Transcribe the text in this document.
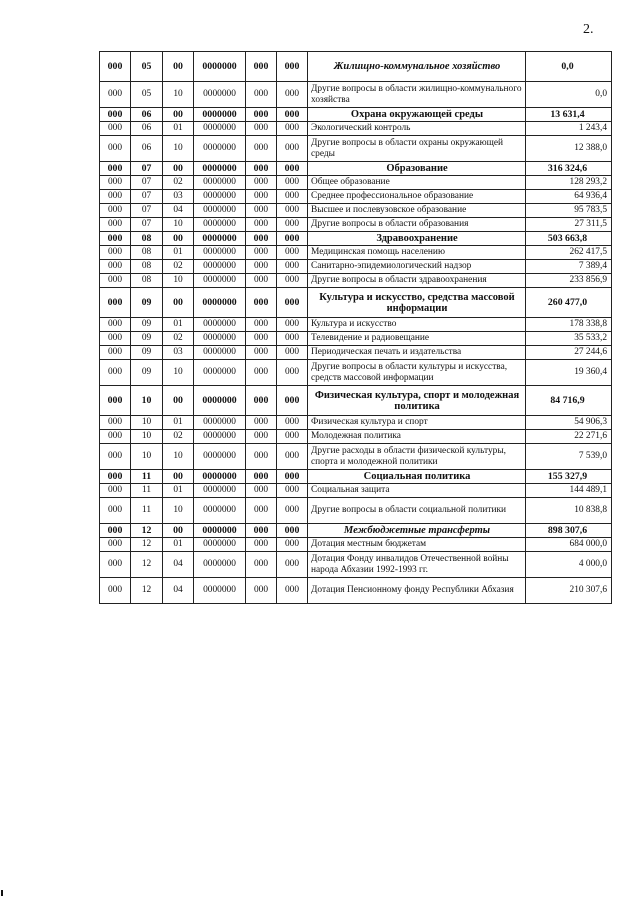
2.
000	05	00	0000000	000	000	Жилищно-коммунальное хозяйство	0,0
000	05	10	0000000	000	000	Другие вопросы в области жилищно-коммунального хозяйства	0,0
000	06	00	0000000	000	000	Охрана окружающей среды	13 631,4
000	06	01	0000000	000	000	Экологический контроль	1 243,4
000	06	10	0000000	000	000	Другие вопросы в области охраны окружающей среды	12 388,0
000	07	00	0000000	000	000	Образование	316 324,6
000	07	02	0000000	000	000	Общее образование	128 293,2
000	07	03	0000000	000	000	Среднее профессиональное образование	64 936,4
000	07	04	0000000	000	000	Высшее и послевузовское образование	95 783,5
000	07	10	0000000	000	000	Другие вопросы в области образования	27 311,5
000	08	00	0000000	000	000	Здравоохранение	503 663,8
000	08	01	0000000	000	000	Медицинская помощь населению	262 417,5
000	08	02	0000000	000	000	Санитарно-эпидемиологический надзор	7 389,4
000	08	10	0000000	000	000	Другие вопросы в области здравоохранения	233 856,9
000	09	00	0000000	000	000	Культура и искусство, средства массовой информации	260 477,0
000	09	01	0000000	000	000	Культура и искусство	178 338,8
000	09	02	0000000	000	000	Телевидение и радиовещание	35 533,2
000	09	03	0000000	000	000	Периодическая печать и издательства	27 244,6
000	09	10	0000000	000	000	Другие вопросы в области культуры и искусства, средств массовой информации	19 360,4
000	10	00	0000000	000	000	Физическая культура, спорт и молодежная политика	84 716,9
000	10	01	0000000	000	000	Физическая культура и спорт	54 906,3
000	10	02	0000000	000	000	Молодежная политика	22 271,6
000	10	10	0000000	000	000	Другие расходы в области физической культуры, спорта и молодежной политики	7 539,0
000	11	00	0000000	000	000	Социальная политика	155 327,9
000	11	01	0000000	000	000	Социальная защита	144 489,1
000	11	10	0000000	000	000	Другие вопросы в области социальной политики	10 838,8
000	12	00	0000000	000	000	Межбюджетные трансферты	898 307,6
000	12	01	0000000	000	000	Дотация местным бюджетам	684 000,0
000	12	04	0000000	000	000	Дотация Фонду инвалидов Отечественной войны народа Абхазии 1992-1993 гг.	4 000,0
000	12	04	0000000	000	000	Дотация Пенсионному фонду Республики Абхазия	210 307,6
